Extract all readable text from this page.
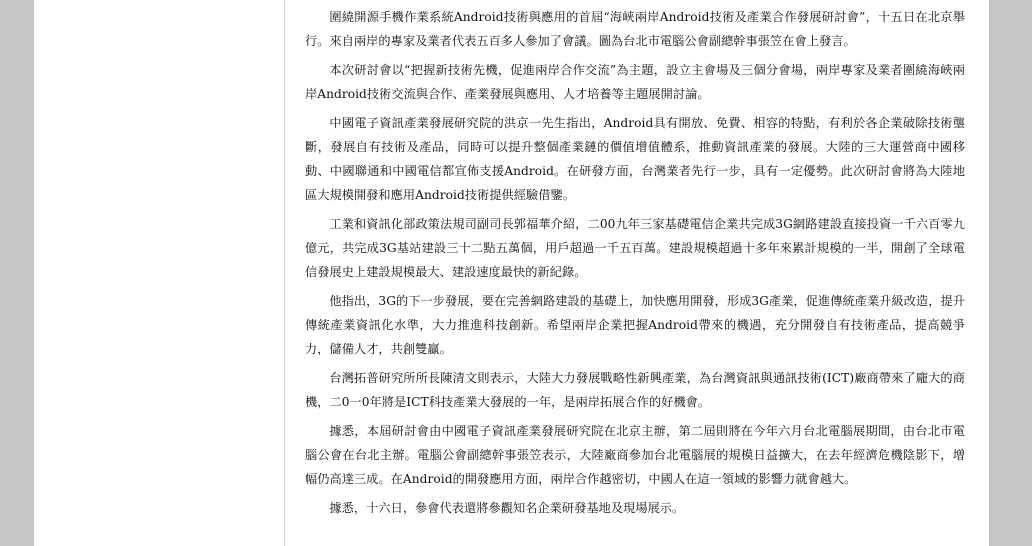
圍繞開源手機作業系統Android技術與應用的首屆“海峽兩岸Android技術及產業合作發展研討會”，十五日在北京舉行。來自兩岸的專家及業者代表五百多人參加了會議。圖為台北市電腦公會副總幹事張笠在會上發言。

本次研討會以“把握新技術先機，促進兩岸合作交流”為主題，設立主會場及三個分會場，兩岸專家及業者圍繞海峽兩岸Android技術交流與合作、產業發展與應用、人才培養等主題展開討論。

中國電子資訊產業發展研究院的洪京一先生指出，Android具有開放、免費、相容的特點，有利於各企業破除技術壟斷，發展自有技術及產品，同時可以提升整個產業鏈的價值增值體系，推動資訊產業的發展。大陸的三大運營商中國移動、中國聯通和中國電信都宣佈支援Android。在研發方面，台灣業者先行一步，具有一定優勢。此次研討會將為大陸地區大規模開發和應用Android技術提供經驗借鑒。

工業和資訊化部政策法規司副司長郭福華介紹，二00九年三家基礎電信企業共完成3G網路建設直接投資一千六百零九億元，共完成3G基站建設三十二點五萬個，用戶超過一千五百萬。建設規模超過十多年來累計規模的一半，開創了全球電信發展史上建設規模最大、建設速度最快的新紀錄。

他指出，3G的下一步發展，要在完善網路建設的基礎上，加快應用開發，形成3G產業，促進傳統產業升級改造，提升傳統產業資訊化水準，大力推進科技創新。希望兩岸企業把握Android帶來的機遇，充分開發自有技術產品，提高競爭力，儲備人才，共創雙贏。

台灣拓普研究所所長陳清文則表示，大陸大力發展戰略性新興產業，為台灣資訊與通訊技術(ICT)廠商帶來了龐大的商機，二0一0年將是ICT科技產業大發展的一年，是兩岸拓展合作的好機會。

據悉，本屆研討會由中國電子資訊產業發展研究院在北京主辦，第二屆則將在今年六月台北電腦展期間，由台北市電腦公會在台北主辦。電腦公會副總幹事張笠表示，大陸廠商參加台北電腦展的規模日益擴大，在去年經濟危機陰影下，增幅仍高達三成。在Android的開發應用方面，兩岸合作越密切，中國人在這一領域的影響力就會越大。

據悉，十六日，參會代表還將參觀知名企業研發基地及現場展示。
